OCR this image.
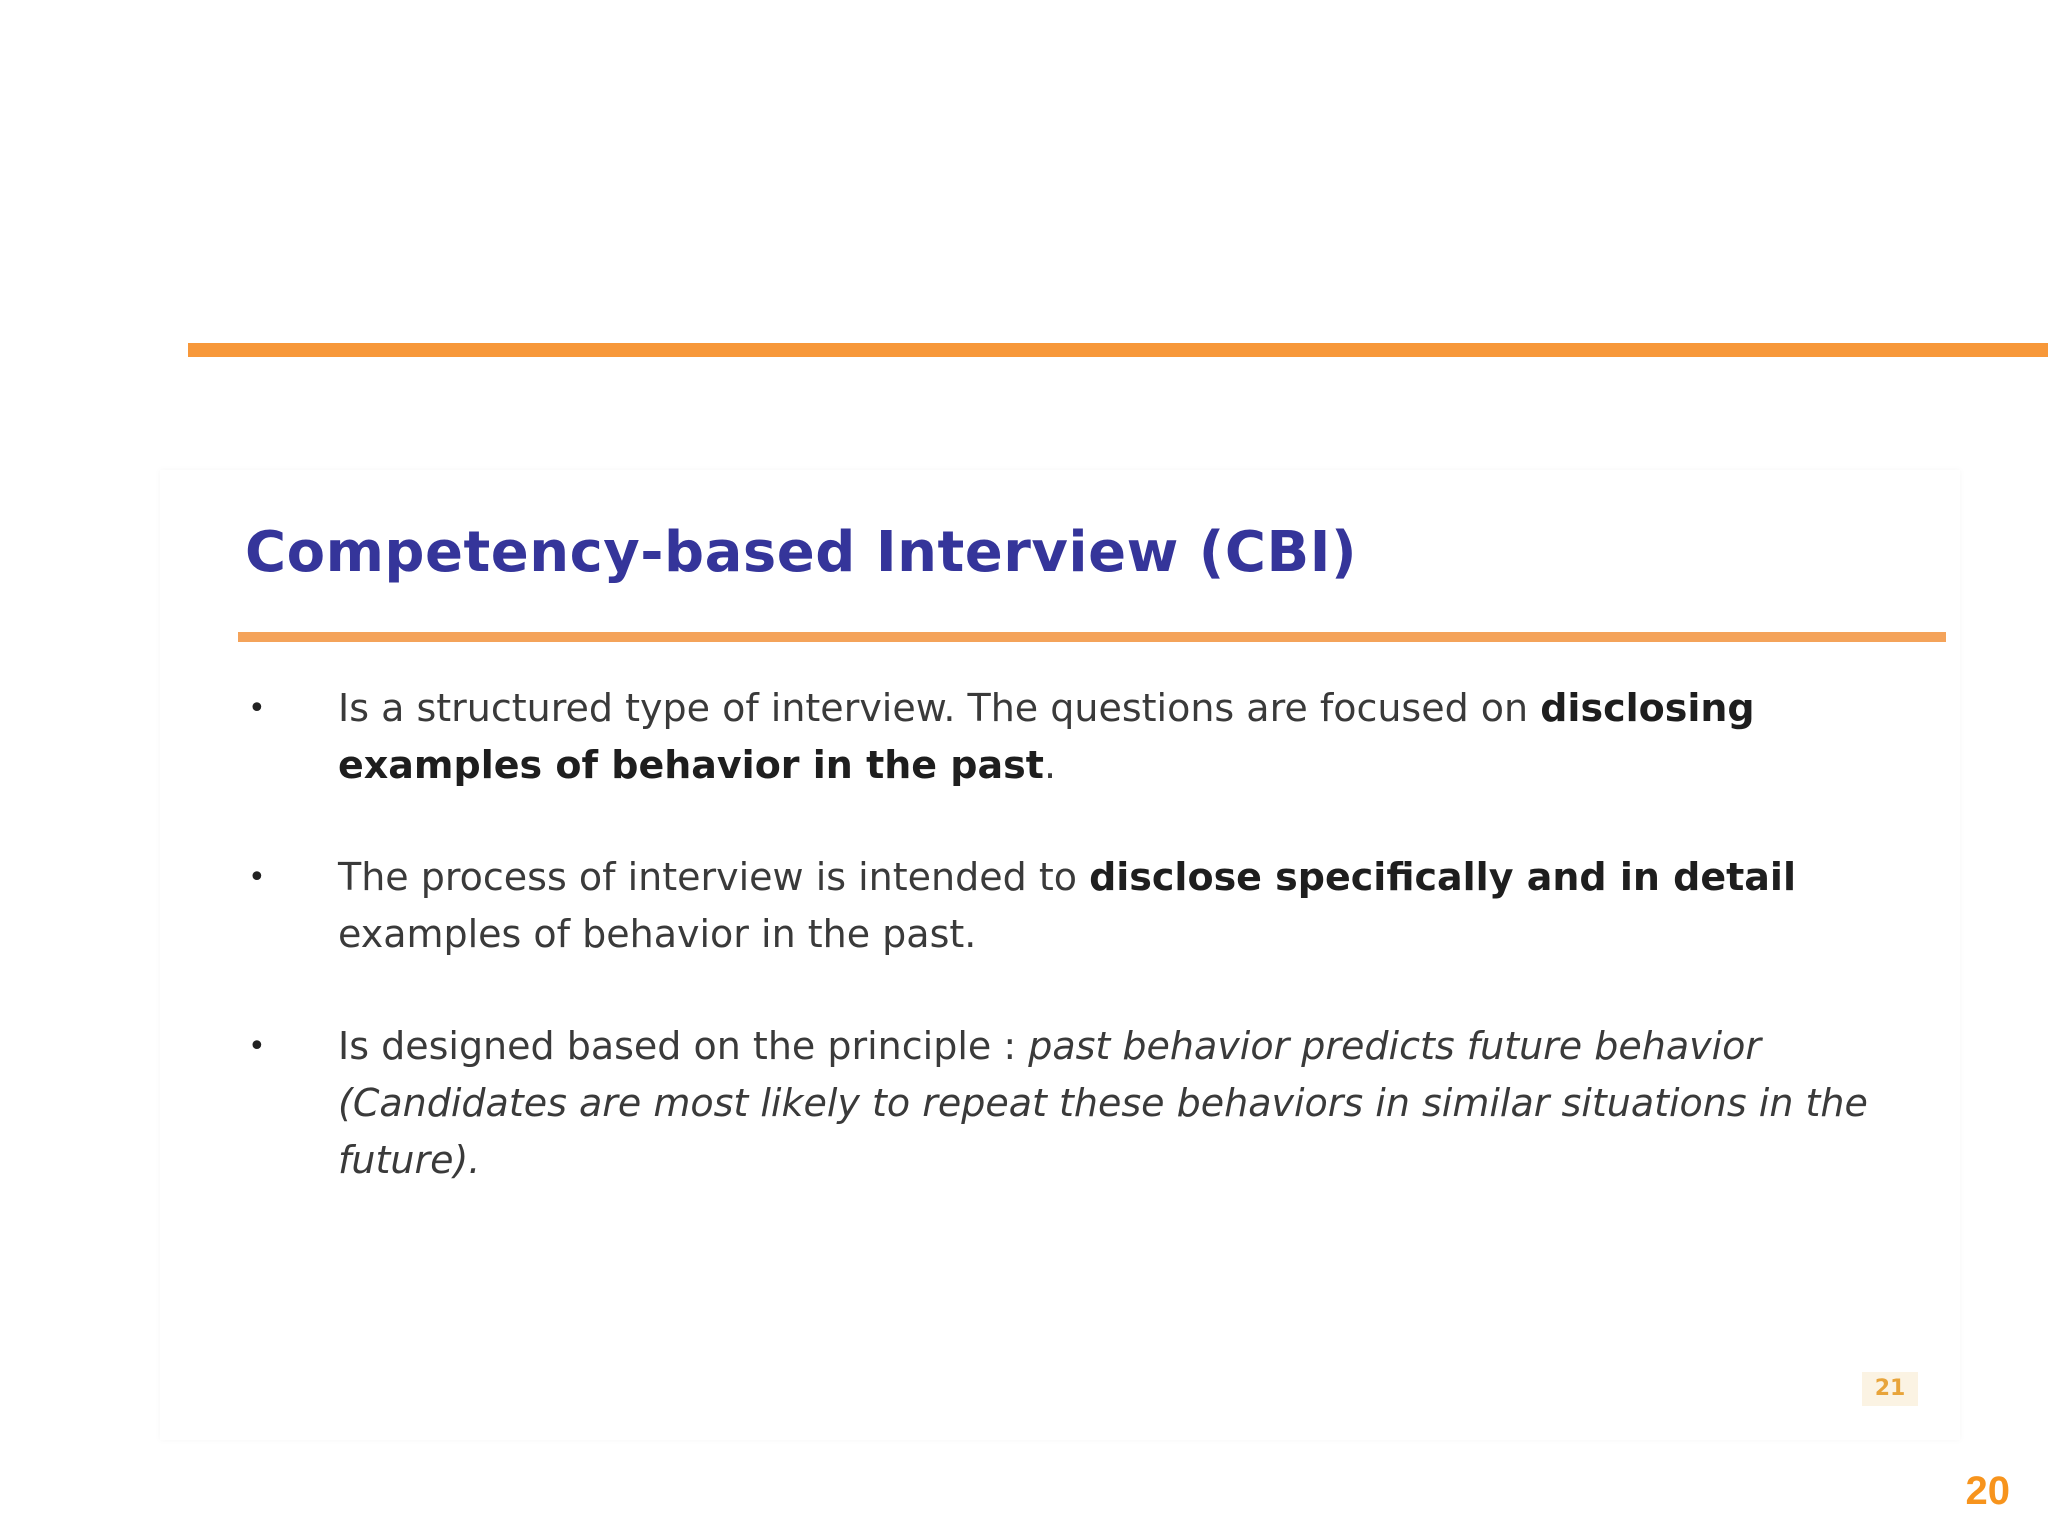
Competency-based Interview (CBI)
• Is a structured type of interview. The questions are focused on disclosing examples of behavior in the past.
• The process of interview is intended to disclose specifically and in detail examples of behavior in the past.
• Is designed based on the principle : past behavior predicts future behavior (Candidates are most likely to repeat these behaviors in similar situations in the future).
21
20
